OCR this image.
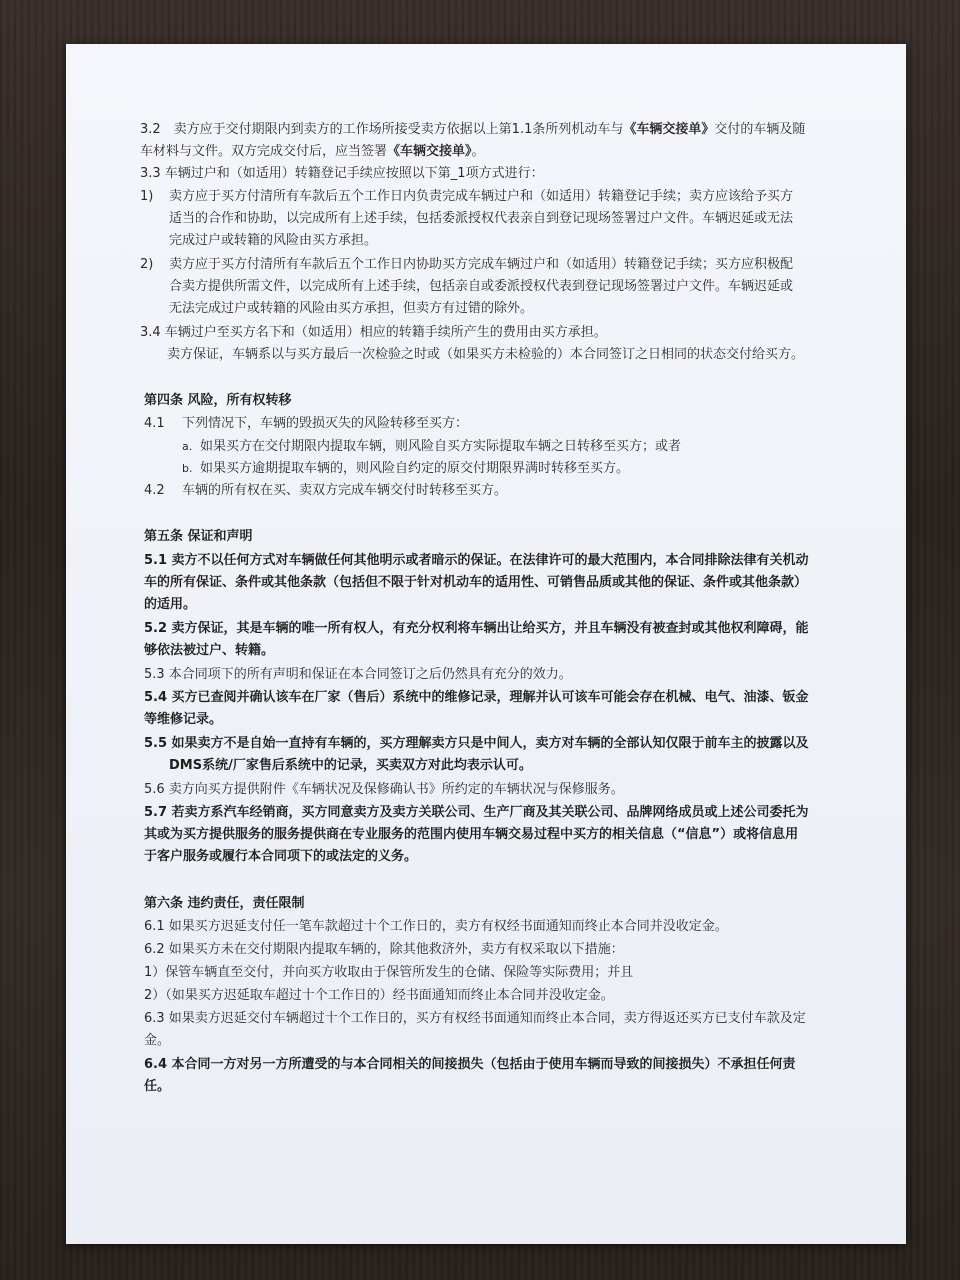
3.2　卖方应于交付期限内到卖方的工作场所接受卖方依据以上第1.1条所列机动车与《车辆交接单》交付的车辆及随
车材料与文件。双方完成交付后，应当签署《车辆交接单》。
3.3 车辆过户和（如适用）转籍登记手续应按照以下第_1项方式进行：
1) 卖方应于买方付清所有车款后五个工作日内负责完成车辆过户和（如适用）转籍登记手续；卖方应该给予买方
适当的合作和协助，以完成所有上述手续，包括委派授权代表亲自到登记现场签署过户文件。车辆迟延或无法
完成过户或转籍的风险由买方承担。
2) 卖方应于买方付清所有车款后五个工作日内协助买方完成车辆过户和（如适用）转籍登记手续；买方应积极配
合卖方提供所需文件，以完成所有上述手续，包括亲自或委派授权代表到登记现场签署过户文件。车辆迟延或
无法完成过户或转籍的风险由买方承担，但卖方有过错的除外。
3.4 车辆过户至买方名下和（如适用）相应的转籍手续所产生的费用由买方承担。
卖方保证，车辆系以与买方最后一次检验之时或（如果买方未检验的）本合同签订之日相同的状态交付给买方。
第四条 风险，所有权转移
4.1 下列情况下，车辆的毁损灭失的风险转移至买方：
a. 如果买方在交付期限内提取车辆，则风险自买方实际提取车辆之日转移至买方；或者
b. 如果买方逾期提取车辆的，则风险自约定的原交付期限界满时转移至买方。
4.2 车辆的所有权在买、卖双方完成车辆交付时转移至买方。
第五条 保证和声明
5.1 卖方不以任何方式对车辆做任何其他明示或者暗示的保证。在法律许可的最大范围内，本合同排除法律有关机动
车的所有保证、条件或其他条款（包括但不限于针对机动车的适用性、可销售品质或其他的保证、条件或其他条款）
的适用。
5.2 卖方保证，其是车辆的唯一所有权人，有充分权利将车辆出让给买方，并且车辆没有被查封或其他权利障碍，能
够依法被过户、转籍。
5.3 本合同项下的所有声明和保证在本合同签订之后仍然具有充分的效力。
5.4 买方已查阅并确认该车在厂家（售后）系统中的维修记录，理解并认可该车可能会存在机械、电气、油漆、钣金
等维修记录。
5.5 如果卖方不是自始一直持有车辆的，买方理解卖方只是中间人，卖方对车辆的全部认知仅限于前车主的披露以及
DMS系统/厂家售后系统中的记录，买卖双方对此均表示认可。
5.6 卖方向买方提供附件《车辆状况及保修确认书》所约定的车辆状况与保修服务。
5.7 若卖方系汽车经销商，买方同意卖方及卖方关联公司、生产厂商及其关联公司、品牌网络成员或上述公司委托为
其或为买方提供服务的服务提供商在专业服务的范围内使用车辆交易过程中买方的相关信息（“信息”）或将信息用
于客户服务或履行本合同项下的或法定的义务。
第六条 违约责任，责任限制
6.1 如果买方迟延支付任一笔车款超过十个工作日的，卖方有权经书面通知而终止本合同并没收定金。
6.2 如果买方未在交付期限内提取车辆的，除其他救济外，卖方有权采取以下措施：
1）保管车辆直至交付，并向买方收取由于保管所发生的仓储、保险等实际费用；并且
2）（如果买方迟延取车超过十个工作日的）经书面通知而终止本合同并没收定金。
6.3 如果卖方迟延交付车辆超过十个工作日的，买方有权经书面通知而终止本合同，卖方得返还买方已支付车款及定
金。
6.4 本合同一方对另一方所遭受的与本合同相关的间接损失（包括由于使用车辆而导致的间接损失）不承担任何责
任。
